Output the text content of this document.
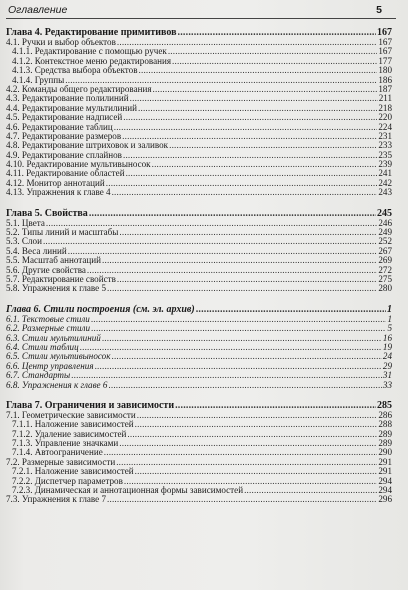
Оглавление	5
Глава 4. Редактирование примитивов .....	167
4.1. Ручки и выбор объектов .....	167
4.1.1. Редактирование с помощью ручек .....	167
4.1.2. Контекстное меню редактирования .....	177
4.1.3. Средства выбора объектов .....	180
4.1.4. Группы .....	186
4.2. Команды общего редактирования .....	187
4.3. Редактирование полилиний .....	211
4.4. Редактирование мультилиний .....	218
4.5. Редактирование надписей .....	220
4.6. Редактирование таблиц .....	224
4.7. Редактирование размеров .....	231
4.8. Редактирование штриховок и заливок .....	233
4.9. Редактирование сплайнов .....	235
4.10. Редактирование мультивыносок .....	239
4.11. Редактирование областей .....	241
4.12. Монитор аннотаций .....	242
4.13. Упражнения к главе 4 .....	243
Глава 5. Свойства .....	245
5.1. Цвета .....	246
5.2. Типы линий и масштабы .....	249
5.3. Слои .....	252
5.4. Веса линий .....	267
5.5. Масштаб аннотаций .....	269
5.6. Другие свойства .....	272
5.7. Редактирование свойств .....	275
5.8. Упражнения к главе 5 .....	280
Глава 6. Стили построения (см. эл. архив) .....	1
6.1. Текстовые стили .....	1
6.2. Размерные стили .....	5
6.3. Стили мультилиний .....	16
6.4. Стили таблиц .....	19
6.5. Стили мультивыносок .....	24
6.6. Центр управления .....	29
6.7. Стандарты .....	31
6.8. Упражнения к главе 6 .....	33
Глава 7. Ограничения и зависимости .....	285
7.1. Геометрические зависимости .....	286
7.1.1. Наложение зависимостей .....	288
7.1.2. Удаление зависимостей .....	289
7.1.3. Управление значками .....	289
7.1.4. Автоограничение .....	290
7.2. Размерные зависимости .....	291
7.2.1. Наложение зависимостей .....	291
7.2.2. Диспетчер параметров .....	294
7.2.3. Динамическая и аннотационная формы зависимостей .....	294
7.3. Упражнения к главе 7 .....	296
